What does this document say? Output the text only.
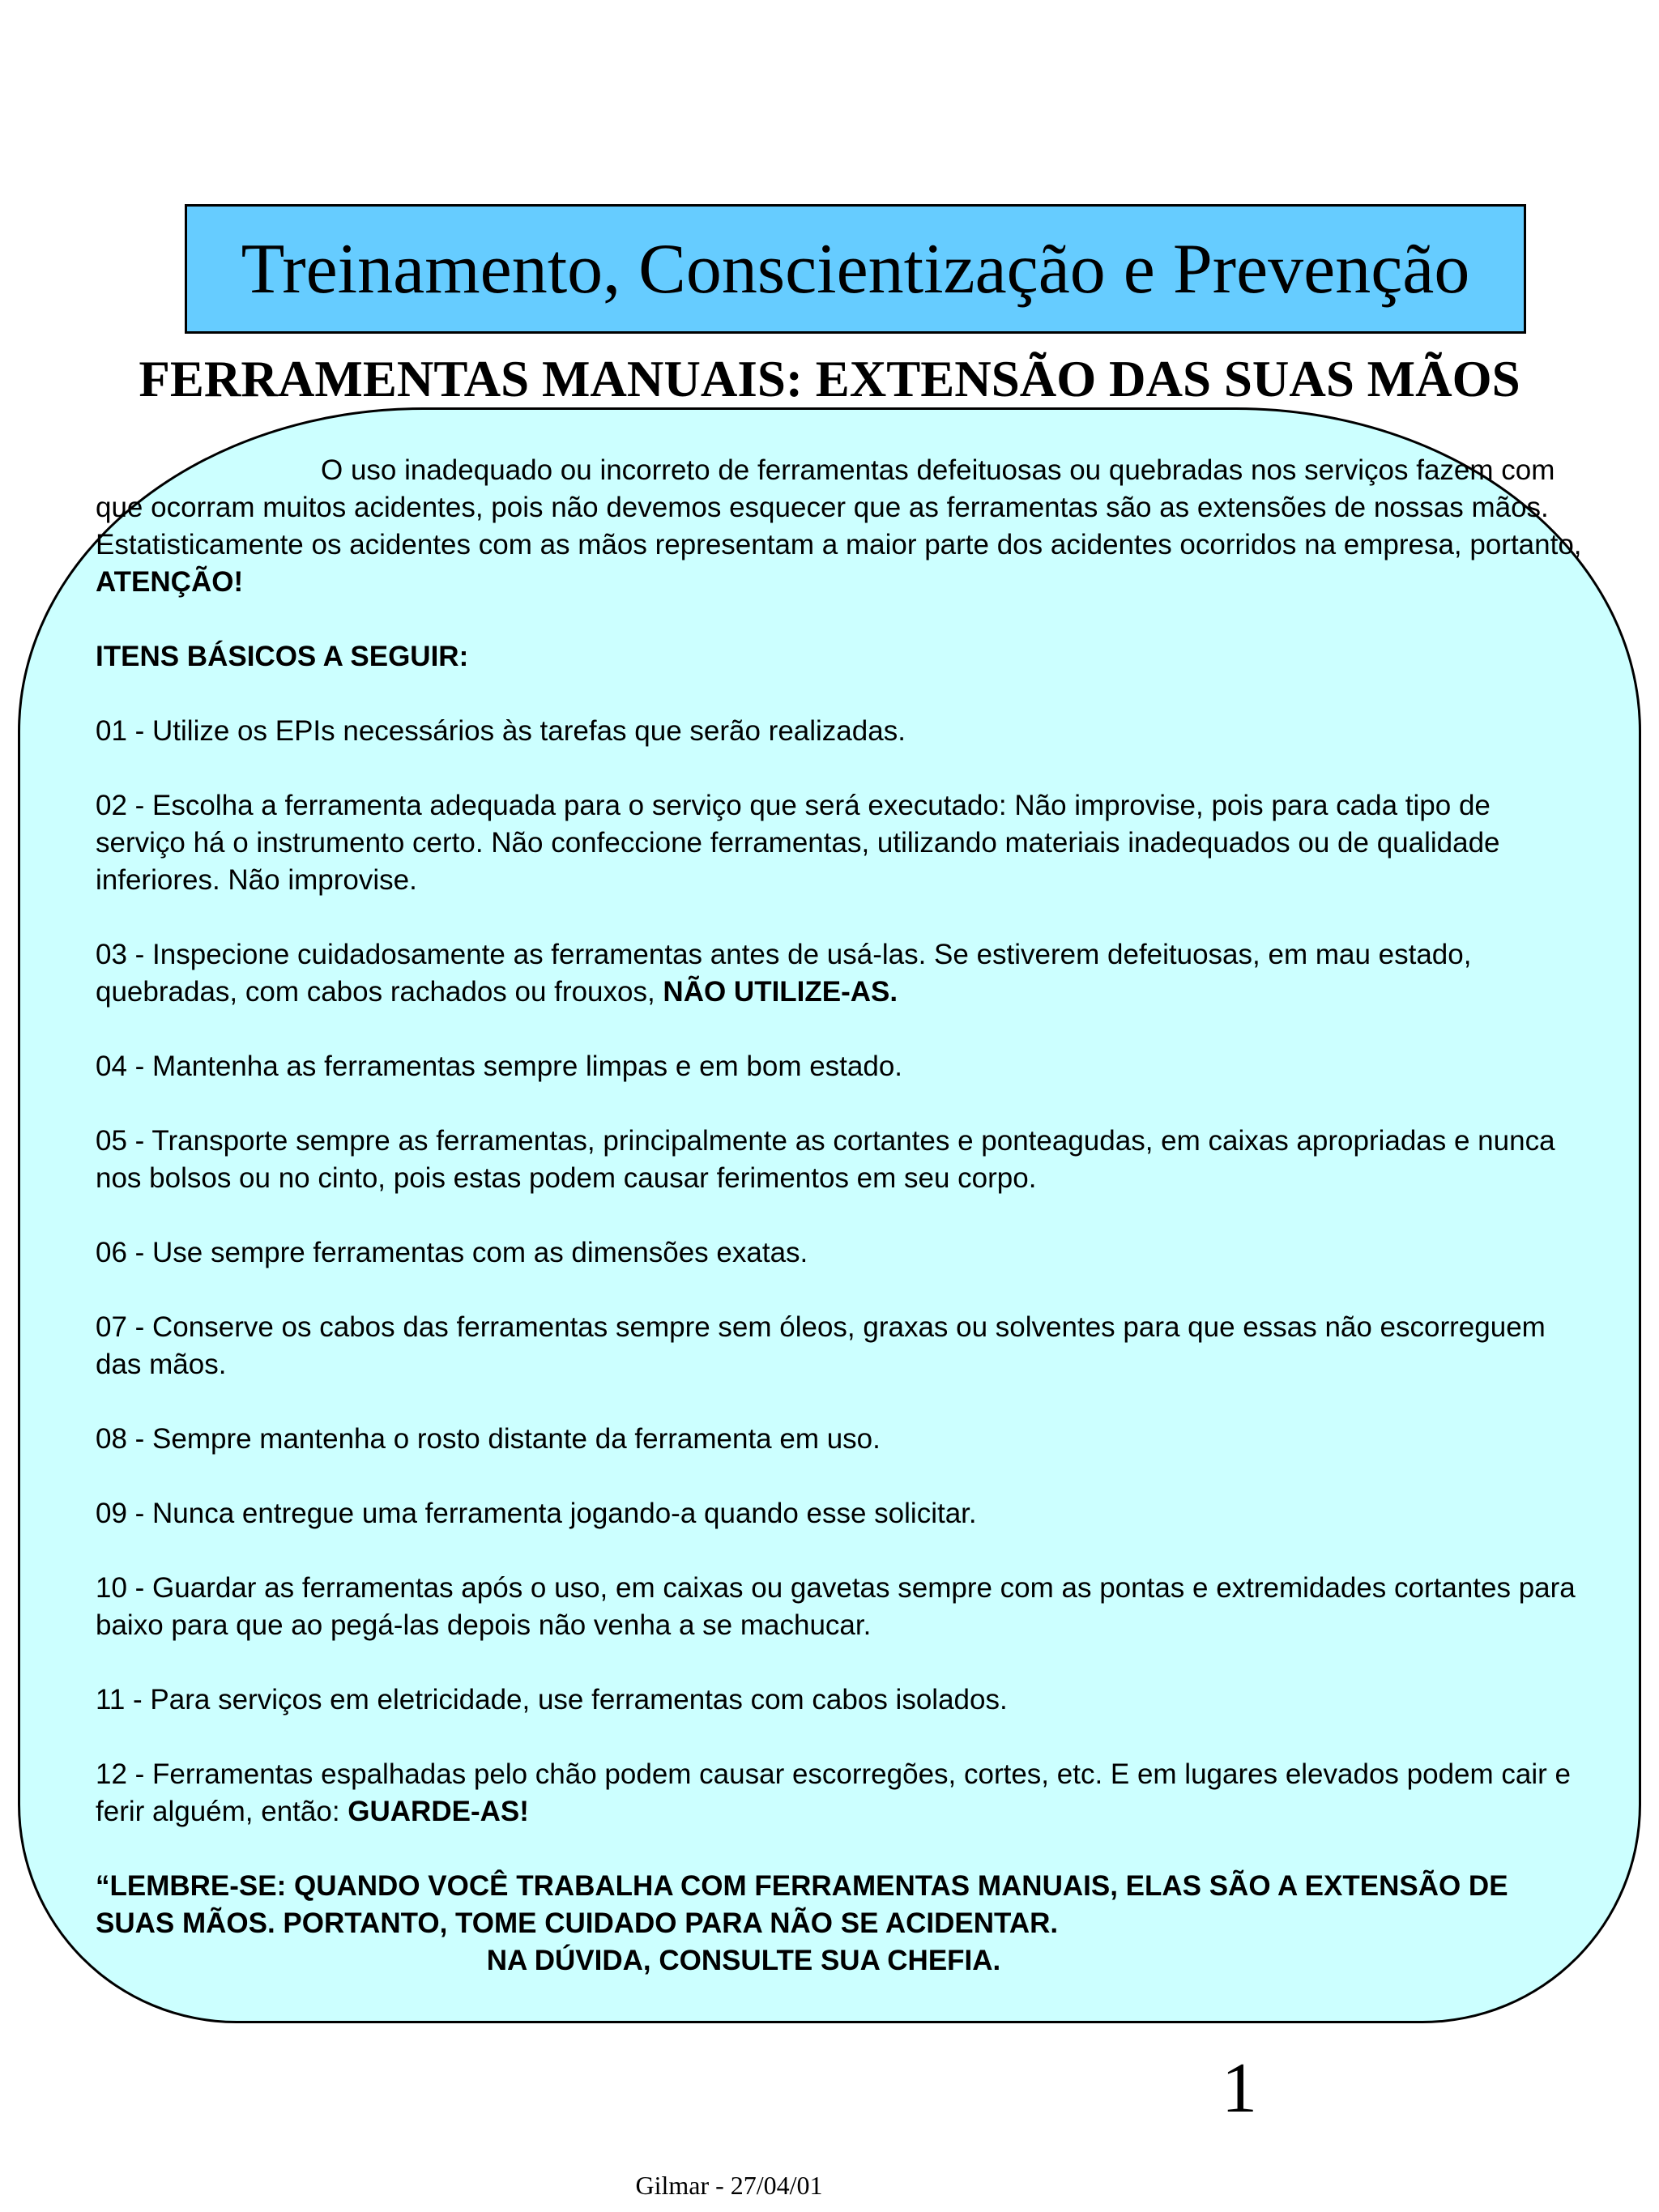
Treinamento, Conscientização e Prevenção
FERRAMENTAS MANUAIS: EXTENSÃO DAS SUAS MÃOS

O uso inadequado ou incorreto de ferramentas defeituosas ou quebradas nos serviços fazem com que ocorram muitos acidentes, pois não devemos esquecer que as ferramentas são as extensões de nossas mãos. Estatisticamente os acidentes com as mãos representam a maior parte dos acidentes ocorridos na empresa, portanto, ATENÇÃO!

ITENS BÁSICOS A SEGUIR:

01 - Utilize os EPIs necessários às tarefas que serão realizadas.

02 - Escolha a ferramenta adequada para o serviço que será executado: Não improvise, pois para cada tipo de serviço há o instrumento certo. Não confeccione ferramentas, utilizando materiais inadequados ou de qualidade inferiores. Não improvise.

03 - Inspecione cuidadosamente as ferramentas antes de usá-las. Se estiverem defeituosas, em mau estado, quebradas, com cabos rachados ou frouxos, NÃO UTILIZE-AS.

04 - Mantenha as ferramentas sempre limpas e em bom estado.

05 - Transporte sempre as ferramentas, principalmente as cortantes e ponteagudas, em caixas apropriadas e nunca nos bolsos ou no cinto, pois estas podem causar ferimentos em seu corpo.

06 - Use sempre ferramentas com as dimensões exatas.

07 - Conserve os cabos das ferramentas sempre sem óleos, graxas ou solventes para que essas não escorreguem das mãos.

08 - Sempre mantenha o rosto distante da ferramenta em uso.

09 - Nunca entregue uma ferramenta jogando-a quando esse solicitar.

10 - Guardar as ferramentas após o uso, em caixas ou gavetas sempre com as pontas e extremidades cortantes para baixo para que ao pegá-las depois não venha a se machucar.

11 - Para serviços em eletricidade, use ferramentas com cabos isolados.

12 - Ferramentas espalhadas pelo chão podem causar escorregões, cortes, etc. E em lugares elevados podem cair e ferir alguém, então: GUARDE-AS!

“LEMBRE-SE: QUANDO VOCÊ TRABALHA COM FERRAMENTAS MANUAIS, ELAS SÃO A EXTENSÃO DE SUAS MÃOS. PORTANTO, TOME CUIDADO PARA NÃO SE ACIDENTAR.
NA DÚVIDA, CONSULTE SUA CHEFIA.

1
Gilmar - 27/04/01
